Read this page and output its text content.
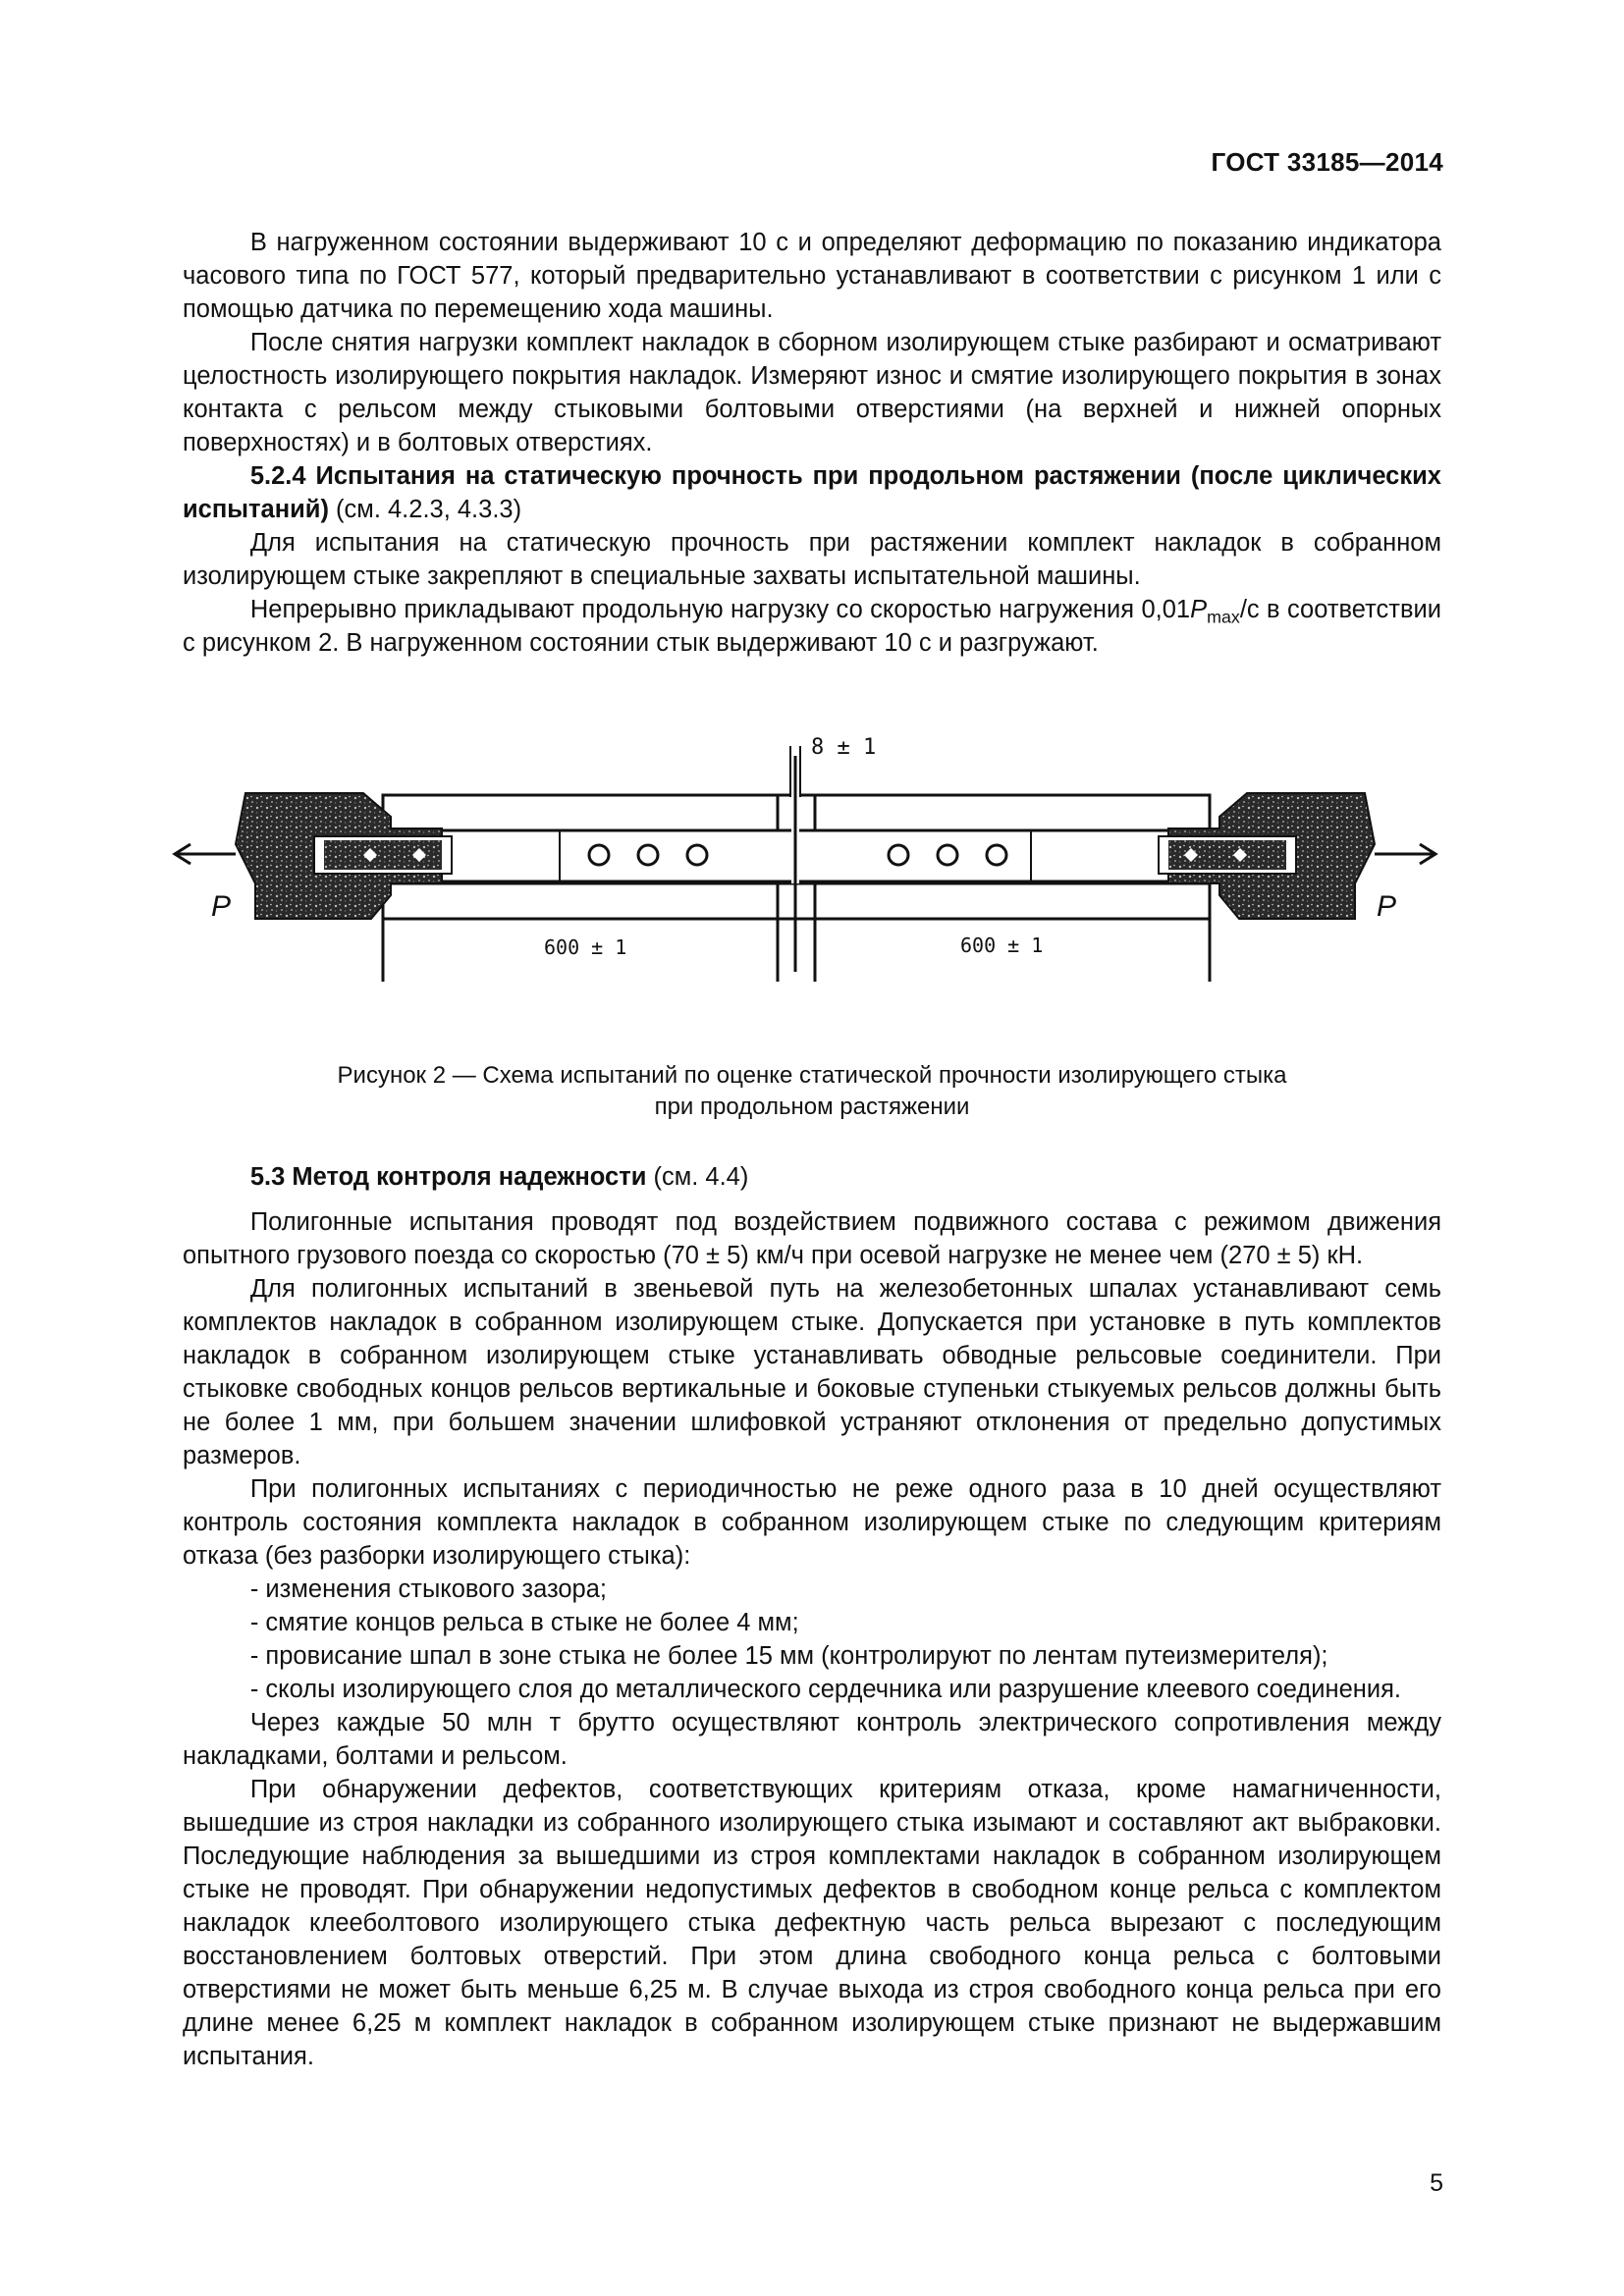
ГОСТ 33185—2014

В нагруженном состоянии выдерживают 10 с и определяют деформацию по показанию индикатора часового типа по ГОСТ 577, который предварительно устанавливают в соответствии с рисунком 1 или с помощью датчика по перемещению хода машины.

После снятия нагрузки комплект накладок в сборном изолирующем стыке разбирают и осматривают целостность изолирующего покрытия накладок. Измеряют износ и смятие изолирующего покрытия в зонах контакта с рельсом между стыковыми болтовыми отверстиями (на верхней и нижней опорных поверхностях) и в болтовых отверстиях.

5.2.4 Испытания на статическую прочность при продольном растяжении (после циклических испытаний) (см. 4.2.3, 4.3.3)

Для испытания на статическую прочность при растяжении комплект накладок в собранном изолирующем стыке закрепляют в специальные захваты испытательной машины.

Непрерывно прикладывают продольную нагрузку со скоростью нагружения $0,01P_{max}/с$ в соответствии с рисунком 2. В нагруженном состоянии стык выдерживают 10 с и разгружают.

8 ± 1
P	P
600 ± 1	600 ± 1
Рисунок 2 — Схема испытаний по оценке статической прочности изолирующего стыка
при продольном растяжении
5.3 Метод контроля надежности (см. 4.4)

Полигонные испытания проводят под воздействием подвижного состава с режимом движения опытного грузового поезда со скоростью (70 ± 5) км/ч при осевой нагрузке не менее чем (270 ± 5) кН.

Для полигонных испытаний в звеньевой путь на железобетонных шпалах устанавливают семь комплектов накладок в собранном изолирующем стыке. Допускается при установке в путь комплектов накладок в собранном изолирующем стыке устанавливать обводные рельсовые соединители. При стыковке свободных концов рельсов вертикальные и боковые ступеньки стыкуемых рельсов должны быть не более 1 мм, при большем значении шлифовкой устраняют отклонения от предельно допустимых размеров.

При полигонных испытаниях с периодичностью не реже одного раза в 10 дней осуществляют контроль состояния комплекта накладок в собранном изолирующем стыке по следующим критериям отказа (без разборки изолирующего стыка):

- изменения стыкового зазора;

- смятие концов рельса в стыке не более 4 мм;

- провисание шпал в зоне стыка не более 15 мм (контролируют по лентам путеизмерителя);

- сколы изолирующего слоя до металлического сердечника или разрушение клеевого соединения.

Через каждые 50 млн т брутто осуществляют контроль электрического сопротивления между накладками, болтами и рельсом.

При обнаружении дефектов, соответствующих критериям отказа, кроме намагниченности, вышедшие из строя накладки из собранного изолирующего стыка изымают и составляют акт выбраковки. Последующие наблюдения за вышедшими из строя комплектами накладок в собранном изолирующем стыке не проводят. При обнаружении недопустимых дефектов в свободном конце рельса с комплектом накладок клееболтового изолирующего стыка дефектную часть рельса вырезают с последующим восстановлением болтовых отверстий. При этом длина свободного конца рельса с болтовыми отверстиями не может быть меньше 6,25 м. В случае выхода из строя свободного конца рельса при его длине менее 6,25 м комплект накладок в собранном изолирующем стыке признают не выдержавшим испытания.

5
